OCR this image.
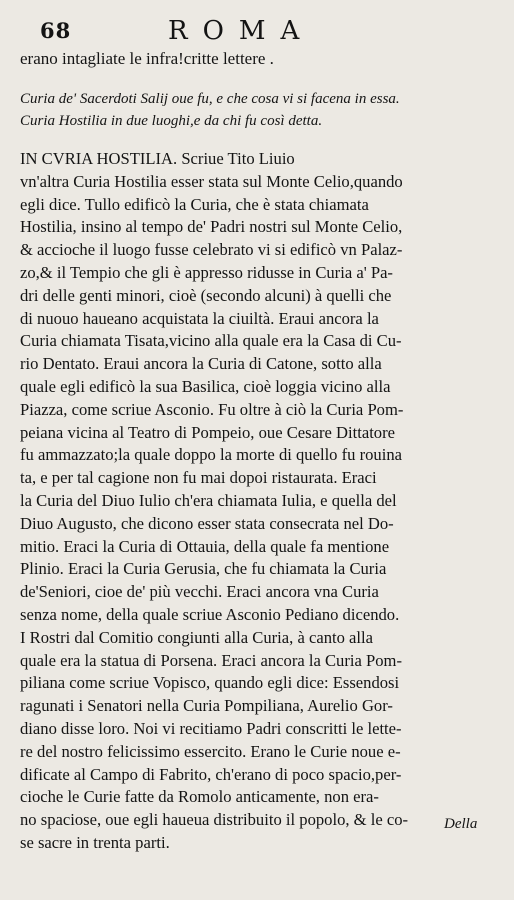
68	ROMA
erano intagliate le infra!critte lettere .
Curia de' Sacerdoti Salij oue fu, e che cosa vi si facena in essa.
Curia Hostilia in due luoghi,e da chi fu così detta.
IN CVRIA HOSTILIA. Scriue Tito Liuio
vn'altra Curia Hostilia esser stata sul Monte Celio,quando
egli dice. Tullo edificò la Curia, che è stata chiamata
Hostilia, insino al tempo de' Padri nostri sul Monte Celio,
& accioche il luogo fusse celebrato vi si edificò vn Palaz-
zo,& il Tempio che gli è appresso ridusse in Curia a' Pa-
dri delle genti minori, cioè (secondo alcuni) à quelli che
di nuouo haueano acquistata la ciuiltà. Eraui ancora la
Curia chiamata Tisata,vicino alla quale era la Casa di Cu-
rio Dentato. Eraui ancora la Curia di Catone, sotto alla
quale egli edificò la sua Basilica, cioè loggia vicino alla
Piazza, come scriue Asconio. Fu oltre à ciò la Curia Pom-
peiana vicina al Teatro di Pompeio, oue Cesare Dittatore
fu ammazzato;la quale doppo la morte di quello fu rouina
ta, e per tal cagione non fu mai dopoi ristaurata. Eraci
la Curia del Diuo Iulio ch'era chiamata Iulia, e quella del
Diuo Augusto, che dicono esser stata consecrata nel Do-
mitio. Eraci la Curia di Ottauia, della quale fa mentione
Plinio. Eraci la Curia Gerusia, che fu chiamata la Curia
de'Seniori, cioe de' più vecchi. Eraci ancora vna Curia
senza nome, della quale scriue Asconio Pediano dicendo.
I Rostri dal Comitio congiunti alla Curia, à canto alla
quale era la statua di Porsena. Eraci ancora la Curia Pom-
piliana come scriue Vopisco, quando egli dice: Essendosi
ragunati i Senatori nella Curia Pompiliana, Aurelio Gor-
diano disse loro. Noi vi recitiamo Padri conscritti le lette-
re del nostro felicissimo essercito. Erano le Curie noue e-
dificate al Campo di Fabrito, ch'erano di poco spacio,per-
cioche le Curie fatte da Romolo anticamente, non era-
no spaciose, oue egli haueua distribuito il popolo, & le co-
se sacre in trenta parti.
Della
